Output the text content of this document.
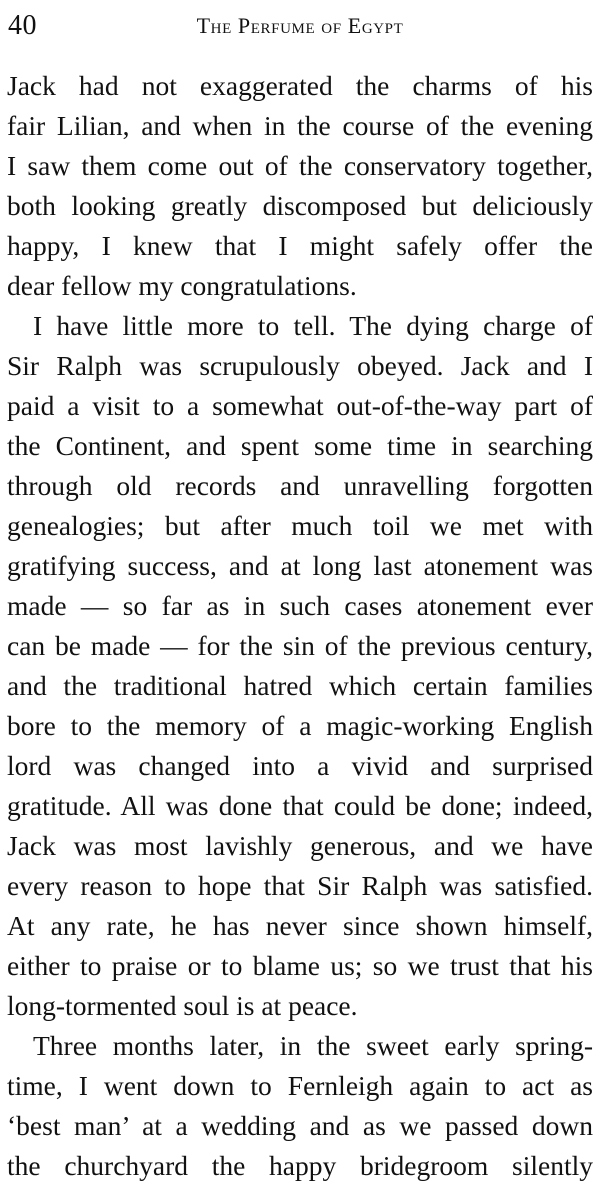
40	The Perfume of Egypt
Jack had not exaggerated the charms of his
fair Lilian, and when in the course of the evening
I saw them come out of the conservatory together,
both looking greatly discomposed but deliciously
happy, I knew that I might safely offer the
dear fellow my congratulations.
I have little more to tell. The dying charge of
Sir Ralph was scrupulously obeyed. Jack and I
paid a visit to a somewhat out-of-the-way part of
the Continent, and spent some time in searching
through old records and unravelling forgotten
genealogies; but after much toil we met with
gratifying success, and at long last atonement was
made — so far as in such cases atonement ever
can be made — for the sin of the previous century,
and the traditional hatred which certain families
bore to the memory of a magic-working English
lord was changed into a vivid and surprised
gratitude. All was done that could be done; indeed,
Jack was most lavishly generous, and we have
every reason to hope that Sir Ralph was satisfied.
At any rate, he has never since shown himself,
either to praise or to blame us; so we trust that his
long-tormented soul is at peace.
Three months later, in the sweet early spring-
time, I went down to Fernleigh again to act as
‘best man’ at a wedding and as we passed down
the churchyard the happy bridegroom silently
